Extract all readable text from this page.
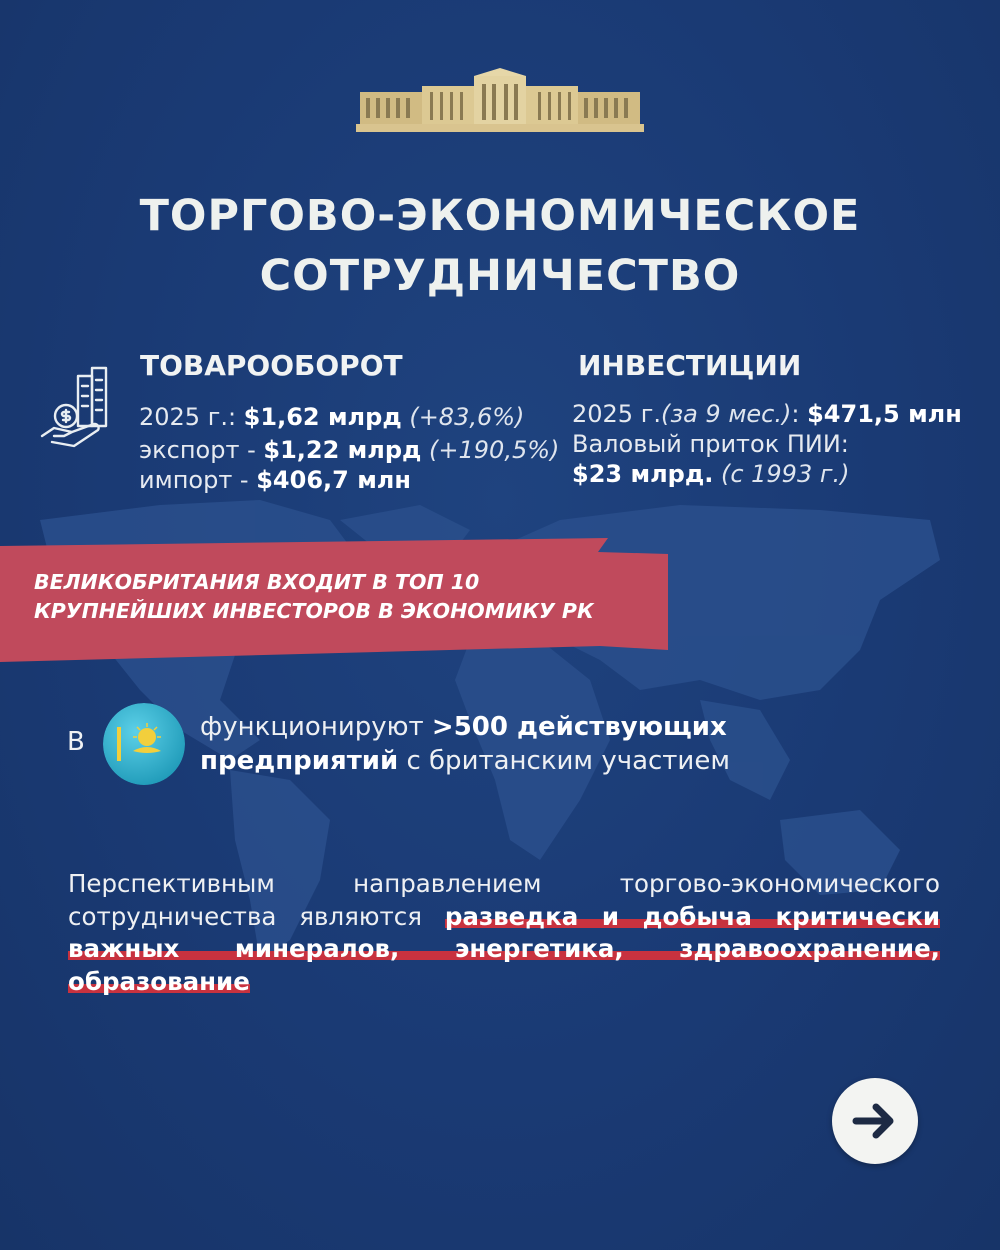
ТОРГОВО-ЭКОНОМИЧЕСКОЕ
СОТРУДНИЧЕСТВО
ТОВАРООБОРОТ	ИНВЕСТИЦИИ
2025 г.: $1,62 млрд (+83,6%)
экспорт - $1,22 млрд (+190,5%)
импорт - $406,7 млн
2025 г.(за 9 мес.): $471,5 млн
Валовый приток ПИИ:
$23 млрд. (с 1993 г.)
ВЕЛИКОБРИТАНИЯ ВХОДИТ В ТОП 10
КРУПНЕЙШИХ ИНВЕСТОРОВ В ЭКОНОМИКУ РК
В	функционируют >500 действующих
предприятий с британским участием
Перспективным направлением торгово-экономического сотрудничества являются разведка и добыча критически важных минералов, энергетика, здравоохранение, образование
